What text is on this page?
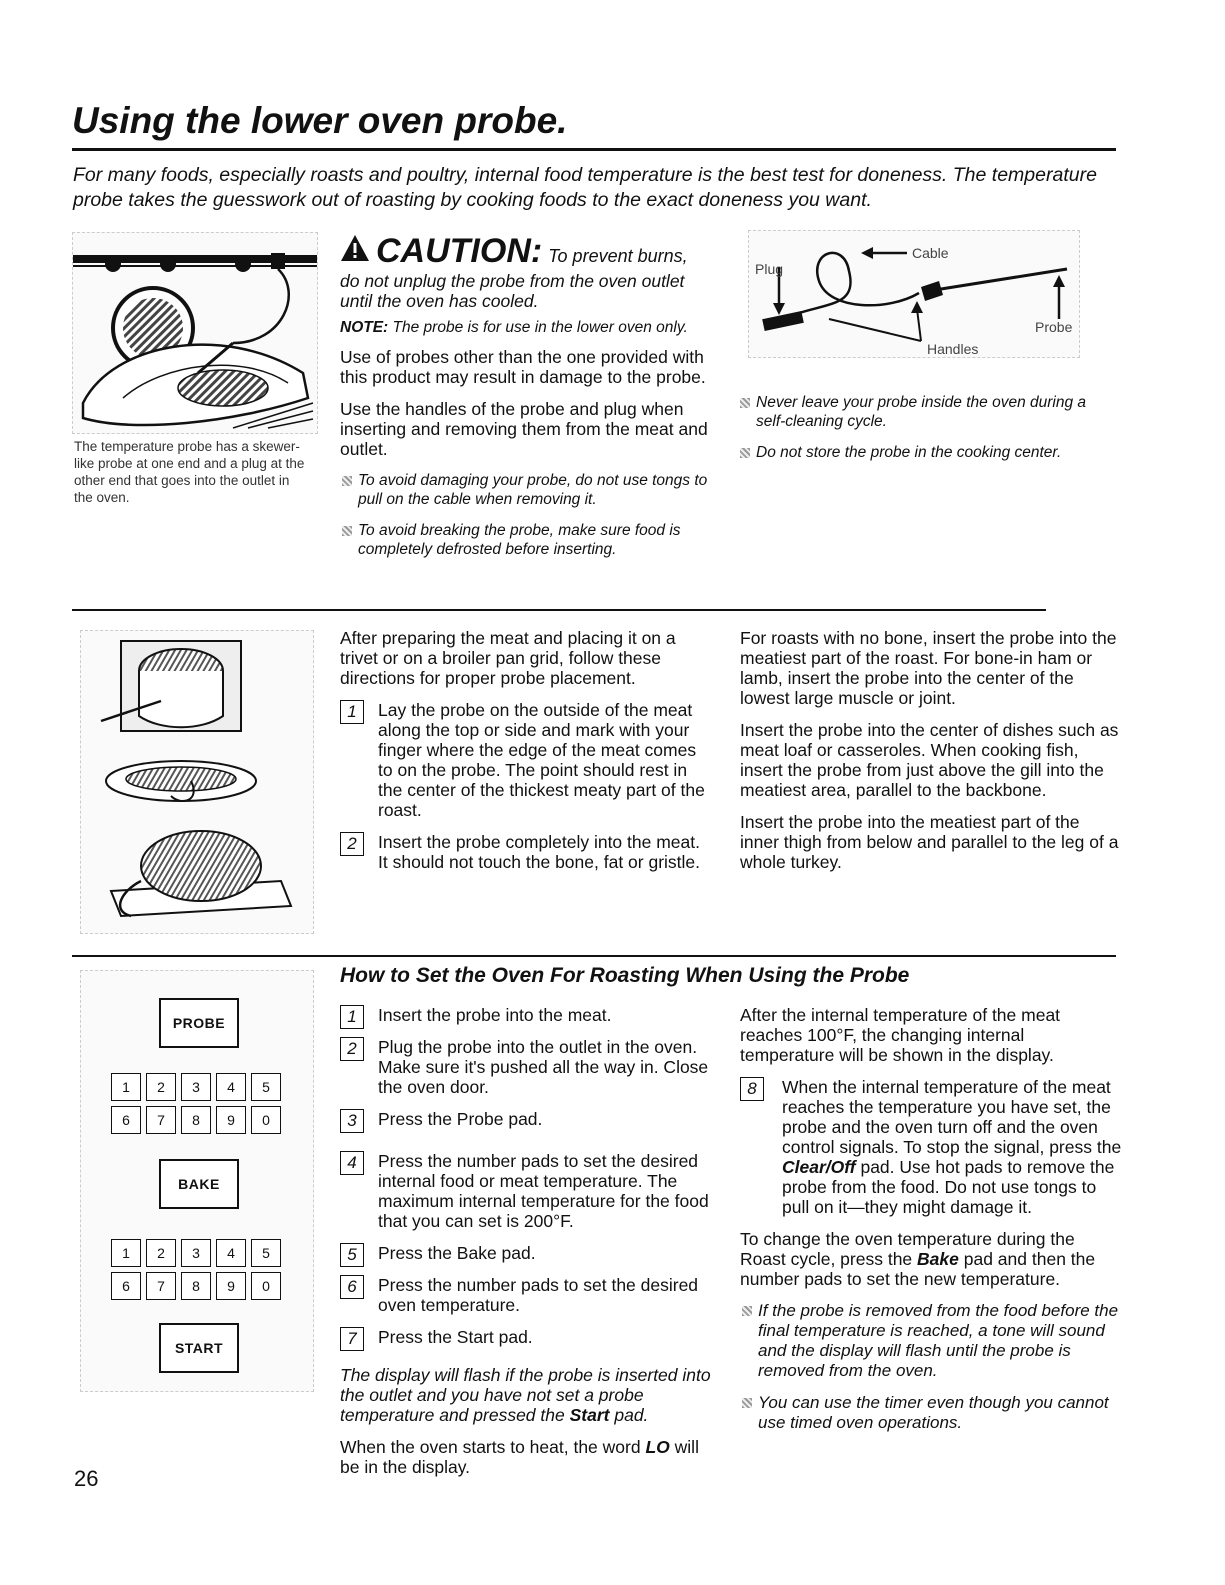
Using the lower oven probe.

For many foods, especially roasts and poultry, internal food temperature is the best test for doneness. The temperature probe takes the guesswork out of roasting by cooking foods to the exact doneness you want.

The temperature probe has a skewer-like probe at one end and a plug at the other end that goes into the outlet in the oven.

CAUTION: To prevent burns,

do not unplug the probe from the oven outlet until the oven has cooled.

NOTE: The probe is for use in the lower oven only.

Use of probes other than the one provided with this product may result in damage to the probe.

Use the handles of the probe and plug when inserting and removing them from the meat and outlet.

To avoid damaging your probe, do not use tongs to pull on the cable when removing it.

To avoid breaking the probe, make sure food is completely defrosted before inserting.

Plug
Cable
Probe
Handles

Never leave your probe inside the oven during a self-cleaning cycle.

Do not store the probe in the cooking center.

After preparing the meat and placing it on a trivet or on a broiler pan grid, follow these directions for proper probe placement.

1	Lay the probe on the outside of the meat along the top or side and mark with your finger where the edge of the meat comes to on the probe. The point should rest in the center of the thickest meaty part of the roast.
2	Insert the probe completely into the meat. It should not touch the bone, fat or gristle.

For roasts with no bone, insert the probe into the meatiest part of the roast. For bone-in ham or lamb, insert the probe into the center of the lowest large muscle or joint.

Insert the probe into the center of dishes such as meat loaf or casseroles. When cooking fish, insert the probe from just above the gill into the meatiest area, parallel to the backbone.

Insert the probe into the meatiest part of the inner thigh from below and parallel to the leg of a whole turkey.

PROBE
1	2	3	4	5
6	7	8	9	0
BAKE
1	2	3	4	5
6	7	8	9	0
START
How to Set the Oven For Roasting When Using the Probe
1	Insert the probe into the meat.
2	Plug the probe into the outlet in the oven. Make sure it's pushed all the way in. Close the oven door.
3	Press the Probe pad.
4	Press the number pads to set the desired internal food or meat temperature. The maximum internal temperature for the food that you can set is 200°F.
5	Press the Bake pad.
6	Press the number pads to set the desired oven temperature.
7	Press the Start pad.

The display will flash if the probe is inserted into the outlet and you have not set a probe temperature and pressed the Start pad.

When the oven starts to heat, the word LO will be in the display.

After the internal temperature of the meat reaches 100°F, the changing internal temperature will be shown in the display.

8	When the internal temperature of the meat reaches the temperature you have set, the probe and the oven turn off and the oven control signals. To stop the signal, press the Clear/Off pad. Use hot pads to remove the probe from the food. Do not use tongs to pull on it—they might damage it.

To change the oven temperature during the Roast cycle, press the Bake pad and then the number pads to set the new temperature.

If the probe is removed from the food before the final temperature is reached, a tone will sound and the display will flash until the probe is removed from the oven.

You can use the timer even though you cannot use timed oven operations.

26
